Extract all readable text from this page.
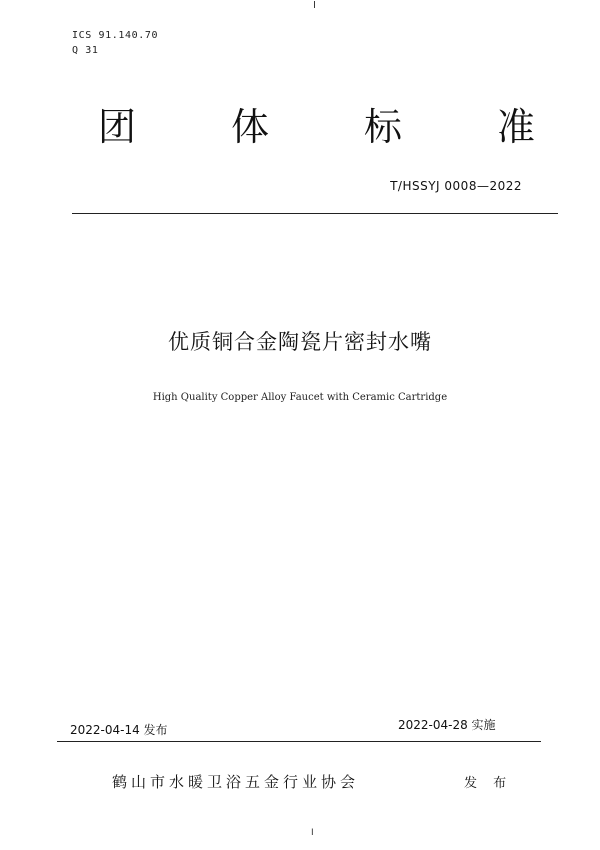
I
ICS 91.140.70
Q 31
团 体 标 准
T/HSSYJ 0008—2022
优质铜合金陶瓷片密封水嘴
High Quality Copper Alloy Faucet with Ceramic Cartridge
2022-04-14 发布	2022-04-28 实施
鹤山市水暖卫浴五金行业协会	发 布
I
